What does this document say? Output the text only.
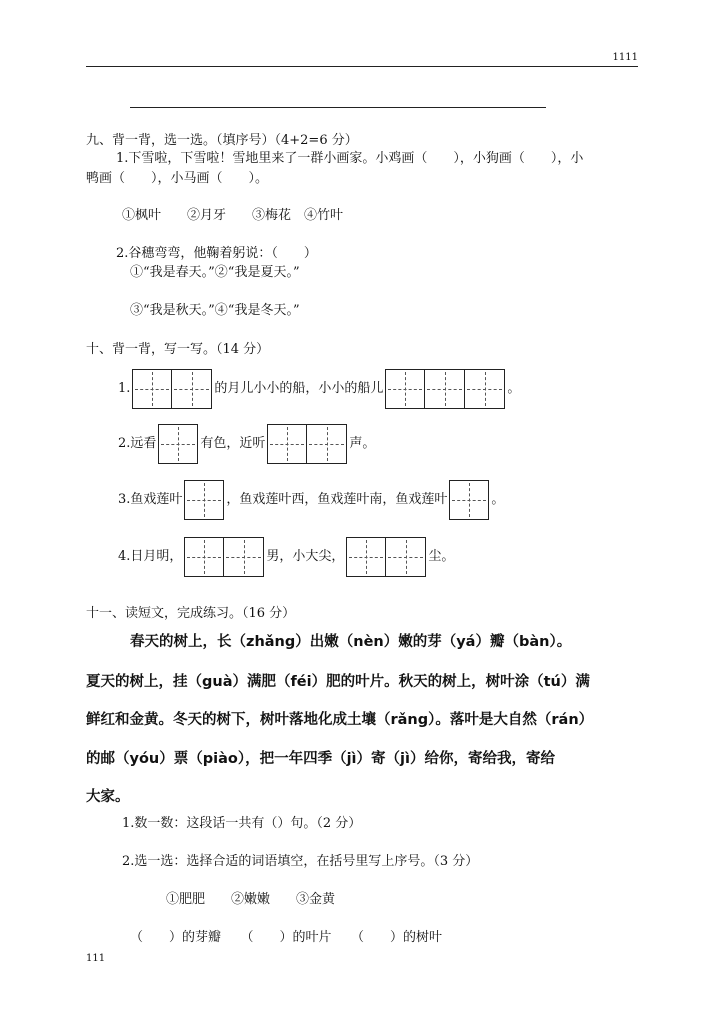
1111
九、背一背，选一选。（填序号）（4+2=6 分）
1.下雪啦，下雪啦！雪地里来了一群小画家。小鸡画（　　），小狗画（　　），小
鸭画（　　），小马画（　　）。
①枫叶　　②月牙　　③梅花　④竹叶
2.谷穗弯弯，他鞠着躬说：（　　）
①“我是春天。”②“我是夏天。”
③“我是秋天。”④“我是冬天。”
十、背一背，写一写。（14 分）
1.	的月儿小小的船，小小的船儿	。
2.远看	有色，近听	声。
3.鱼戏莲叶	，鱼戏莲叶西，鱼戏莲叶南，鱼戏莲叶	。
4.日月明，	男，小大尖，	尘。
十一、读短文，完成练习。（16 分）
春天的树上，长（zhǎng）出嫩（nèn）嫩的芽（yá）瓣（bàn）。
夏天的树上，挂（guà）满肥（féi）肥的叶片。秋天的树上，树叶涂（tú）满
鲜红和金黄。冬天的树下，树叶落地化成土壤（rǎng）。落叶是大自然（rán）
的邮（yóu）票（piào），把一年四季（jì）寄（jì）给你，寄给我，寄给
大家。
1.数一数：这段话一共有（）句。（2 分）
2.选一选：选择合适的词语填空，在括号里写上序号。（3 分）
①肥肥　　②嫩嫩　　③金黄
（　　）的芽瓣　　（　　）的叶片　　（　　）的树叶
111
